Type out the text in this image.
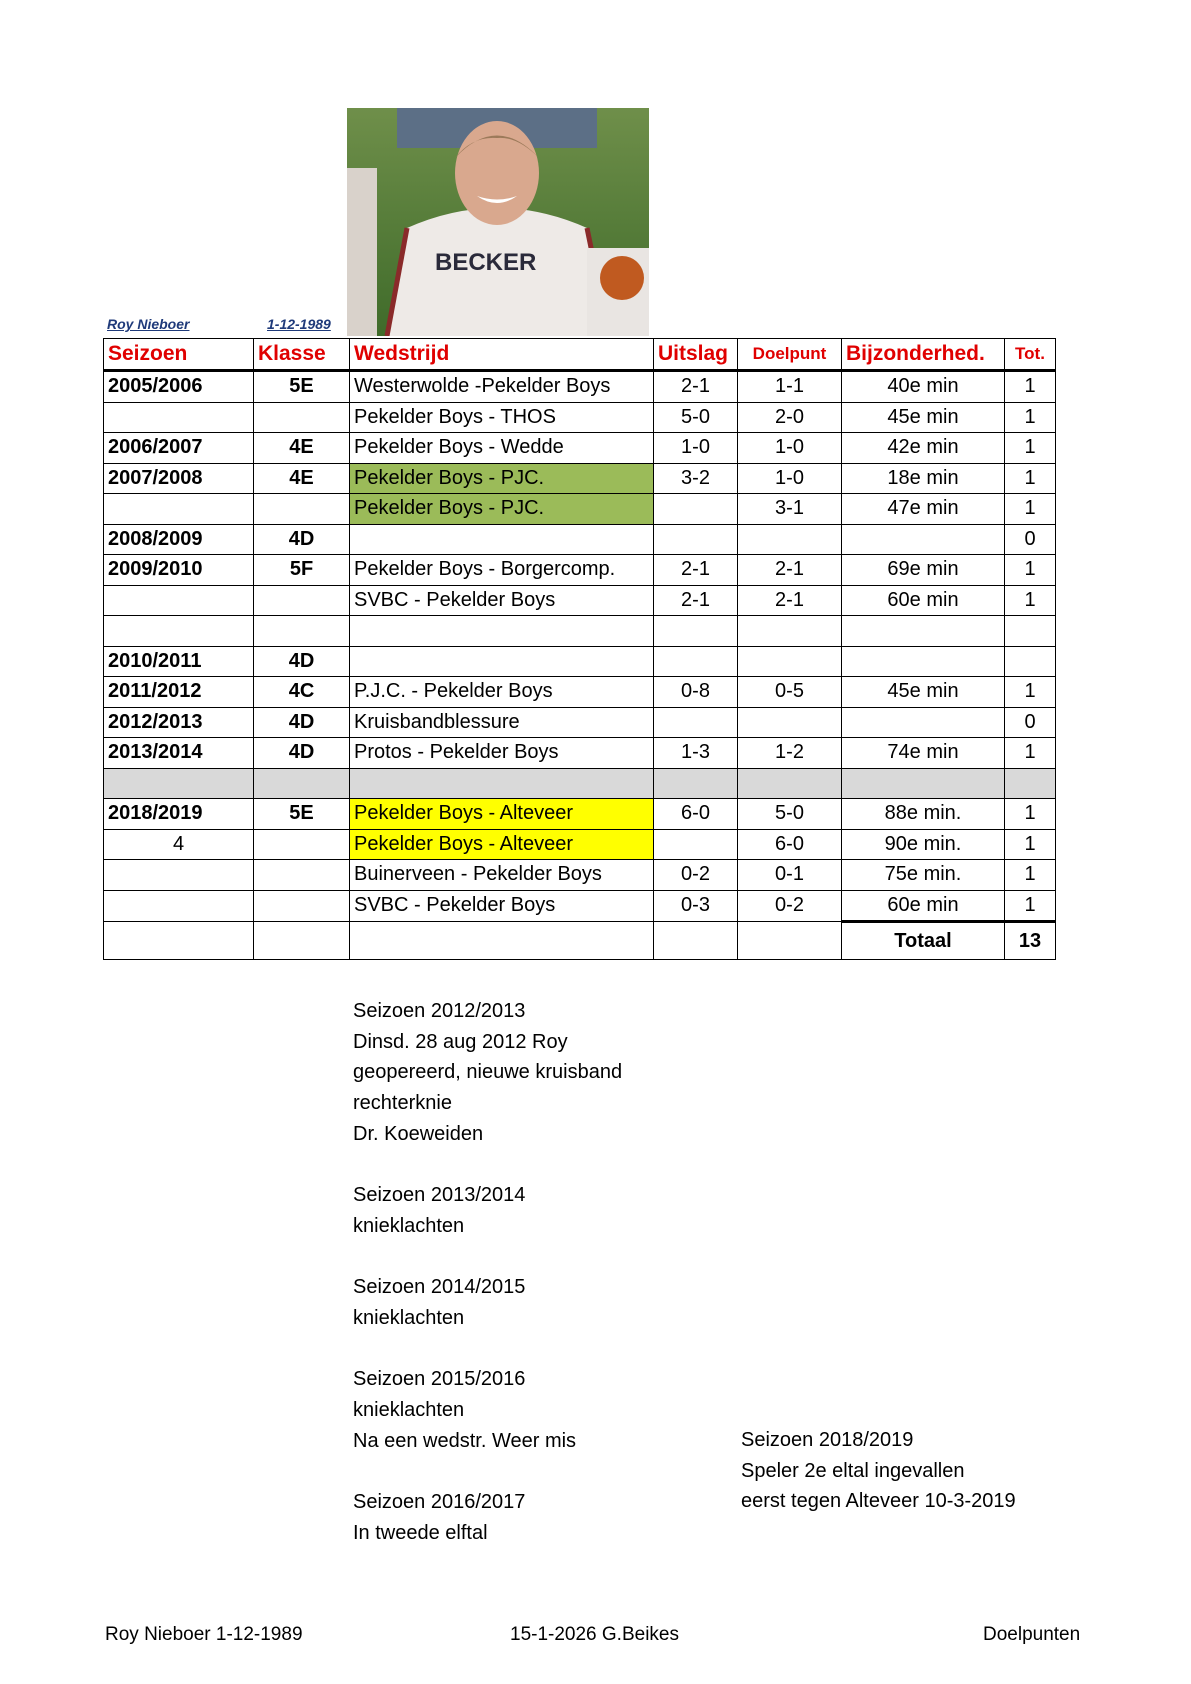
Roy Nieboer	1-12-1989
BECKER
Seizoen	Klasse	Wedstrijd	Uitslag	Doelpunt	Bijzonderhed.	Tot.
2005/2006	5E	Westerwolde -Pekelder Boys	2-1	1-1	40e min	1
		Pekelder Boys - THOS	5-0	2-0	45e min	1
2006/2007	4E	Pekelder Boys - Wedde	1-0	1-0	42e min	1
2007/2008	4E	Pekelder Boys - PJC.	3-2	1-0	18e min	1
		Pekelder Boys - PJC.		3-1	47e min	1
2008/2009	4D					0
2009/2010	5F	Pekelder Boys - Borgercomp.	2-1	2-1	69e min	1
		SVBC - Pekelder Boys	2-1	2-1	60e min	1

2010/2011	4D					
2011/2012	4C	P.J.C. - Pekelder Boys	0-8	0-5	45e min	1
2012/2013	4D	Kruisbandblessure				0
2013/2014	4D	Protos - Pekelder Boys	1-3	1-2	74e min	1

2018/2019	5E	Pekelder Boys - Alteveer	6-0	5-0	88e min.	1
4		Pekelder Boys - Alteveer		6-0	90e min.	1
		Buinerveen - Pekelder Boys	0-2	0-1	75e min.	1
		SVBC - Pekelder Boys	0-3	0-2	60e min	1
					Totaal	13
Seizoen 2012/2013
Dinsd. 28 aug 2012 Roy
geopereerd, nieuwe kruisband
rechterknie
Dr. Koeweiden

Seizoen 2013/2014
knieklachten

Seizoen 2014/2015
knieklachten

Seizoen 2015/2016
knieklachten
Na een wedstr. Weer mis

Seizoen 2016/2017
In tweede elftal
Seizoen 2018/2019
Speler 2e eltal ingevallen
eerst tegen Alteveer 10-3-2019
Roy Nieboer 1-12-1989	15-1-2026 G.Beikes	Doelpunten
